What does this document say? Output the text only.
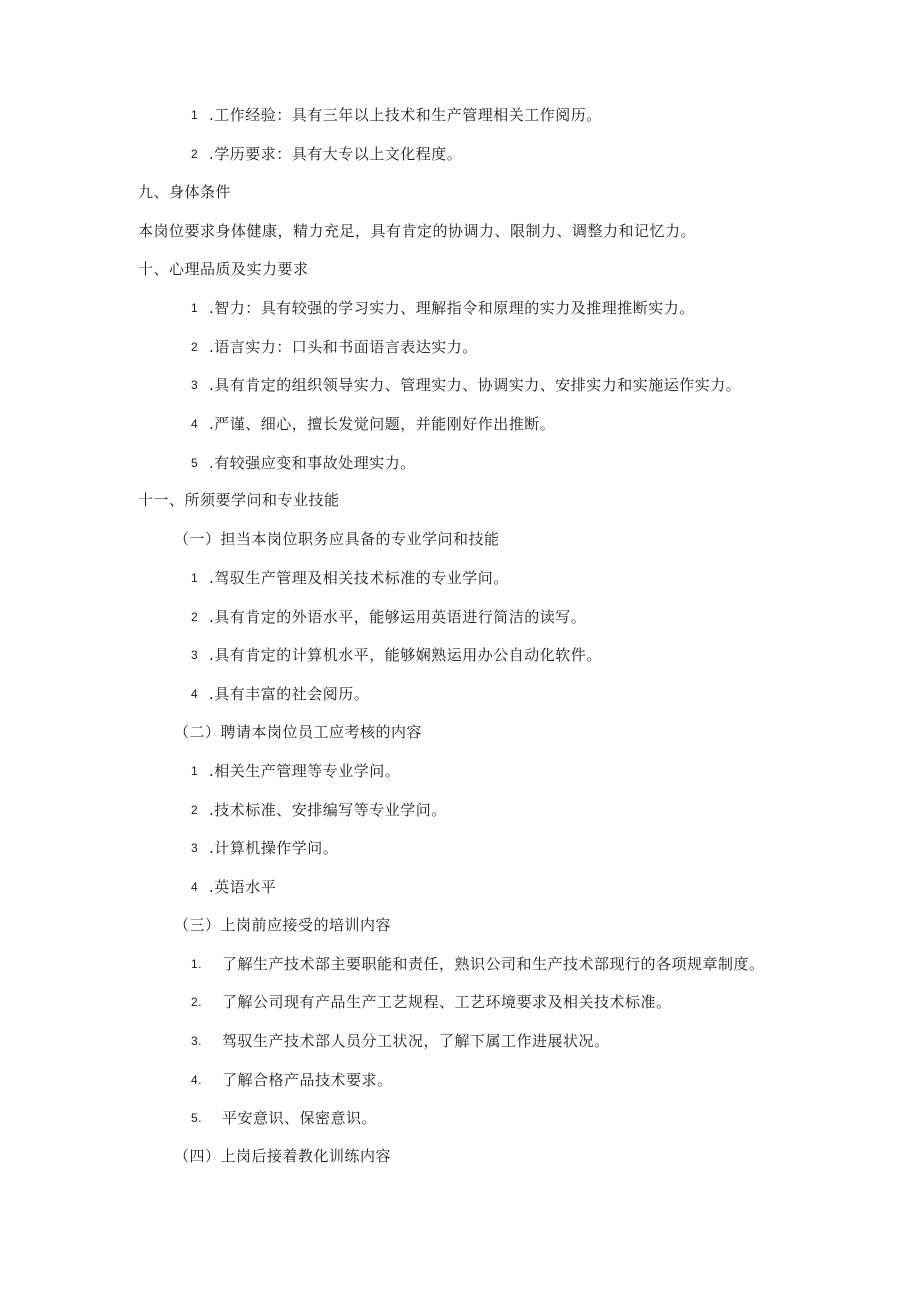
1 .工作经验：具有三年以上技术和生产管理相关工作阅历。
2 .学历要求：具有大专以上文化程度。
九、身体条件
本岗位要求身体健康，精力充足，具有肯定的协调力、限制力、调整力和记忆力。
十、心理品质及实力要求
1 .智力：具有较强的学习实力、理解指令和原理的实力及推理推断实力。
2 .语言实力：口头和书面语言表达实力。
3 .具有肯定的组织领导实力、管理实力、协调实力、安排实力和实施运作实力。
4 .严谨、细心，擅长发觉问题，并能刚好作出推断。
5 .有较强应变和事故处理实力。
十一、所须要学问和专业技能
（一）担当本岗位职务应具备的专业学问和技能
1 .驾驭生产管理及相关技术标准的专业学问。
2 .具有肯定的外语水平，能够运用英语进行简洁的读写。
3 .具有肯定的计算机水平，能够娴熟运用办公自动化软件。
4 .具有丰富的社会阅历。
（二）聘请本岗位员工应考核的内容
1 .相关生产管理等专业学问。
2 .技术标准、安排编写等专业学问。
3 .计算机操作学问。
4 .英语水平
（三）上岗前应接受的培训内容
1. 了解生产技术部主要职能和责任，熟识公司和生产技术部现行的各项规章制度。
2. 了解公司现有产品生产工艺规程、工艺环境要求及相关技术标准。
3. 驾驭生产技术部人员分工状况，了解下属工作进展状况。
4. 了解合格产品技术要求。
5. 平安意识、保密意识。
（四）上岗后接着教化训练内容
